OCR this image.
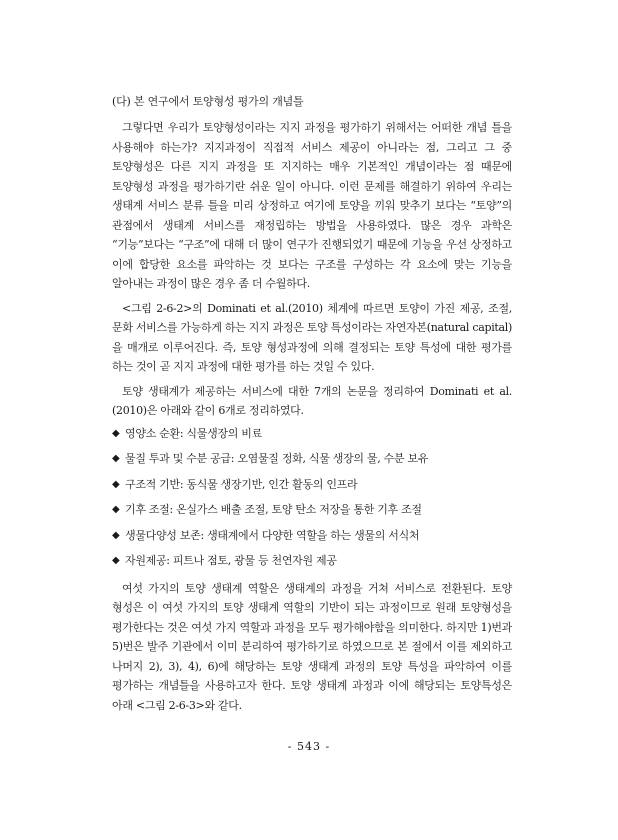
(다) 본 연구에서 토양형성 평가의 개념틀

그렇다면 우리가 토양형성이라는 지지 과정을 평가하기 위해서는 어떠한 개념 틀을 사용해야 하는가? 지지과정이 직접적 서비스 제공이 아니라는 점, 그리고 그 중 토양형성은 다른 지지 과정을 또 지지하는 매우 기본적인 개념이라는 점 때문에 토양형성 과정을 평가하기란 쉬운 일이 아니다. 이런 문제를 해결하기 위하여 우리는 생태계 서비스 분류 틀을 미리 상정하고 여기에 토양을 끼워 맞추기 보다는 “토양”의 관점에서 생태계 서비스를 재정립하는 방법을 사용하였다. 많은 경우 과학은 “기능”보다는 “구조”에 대해 더 많이 연구가 진행되었기 때문에 기능을 우선 상정하고 이에 합당한 요소를 파악하는 것 보다는 구조를 구성하는 각 요소에 맞는 기능을 알아내는 과정이 많은 경우 좀 더 수월하다.

<그림 2-6-2>의 Dominati et al.(2010) 체계에 따르면 토양이 가진 제공, 조절, 문화 서비스를 가능하게 하는 지지 과정은 토양 특성이라는 자연자본(natural capital)을 매개로 이루어진다. 즉, 토양 형성과정에 의해 결정되는 토양 특성에 대한 평가를 하는 것이 곧 지지 과정에 대한 평가를 하는 것일 수 있다.

토양 생태계가 제공하는 서비스에 대한 7개의 논문을 정리하여 Dominati et al.(2010)은 아래와 같이 6개로 정리하였다.

◆ 영양소 순환: 식물생장의 비료
◆ 물질 투과 및 수분 공급: 오염물질 정화, 식물 생장의 물, 수분 보유
◆ 구조적 기반: 동식물 생장기반, 인간 활동의 인프라
◆ 기후 조절: 온실가스 배출 조절, 토양 탄소 저장을 통한 기후 조절
◆ 생물다양성 보존: 생태계에서 다양한 역할을 하는 생물의 서식처
◆ 자원제공: 피트나 점토, 광물 등 천연자원 제공

여섯 가지의 토양 생태계 역할은 생태계의 과정을 거쳐 서비스로 전환된다. 토양 형성은 이 여섯 가지의 토양 생태계 역할의 기반이 되는 과정이므로 원래 토양형성을 평가한다는 것은 여섯 가지 역할과 과정을 모두 평가해야함을 의미한다. 하지만 1)번과 5)번은 발주 기관에서 이미 분리하여 평가하기로 하였으므로 본 절에서 이를 제외하고 나머지 2), 3), 4), 6)에 해당하는 토양 생태계 과정의 토양 특성을 파악하여 이를 평가하는 개념틀을 사용하고자 한다. 토양 생태계 과정과 이에 해당되는 토양특성은 아래 <그림 2-6-3>와 같다.

- 543 -
